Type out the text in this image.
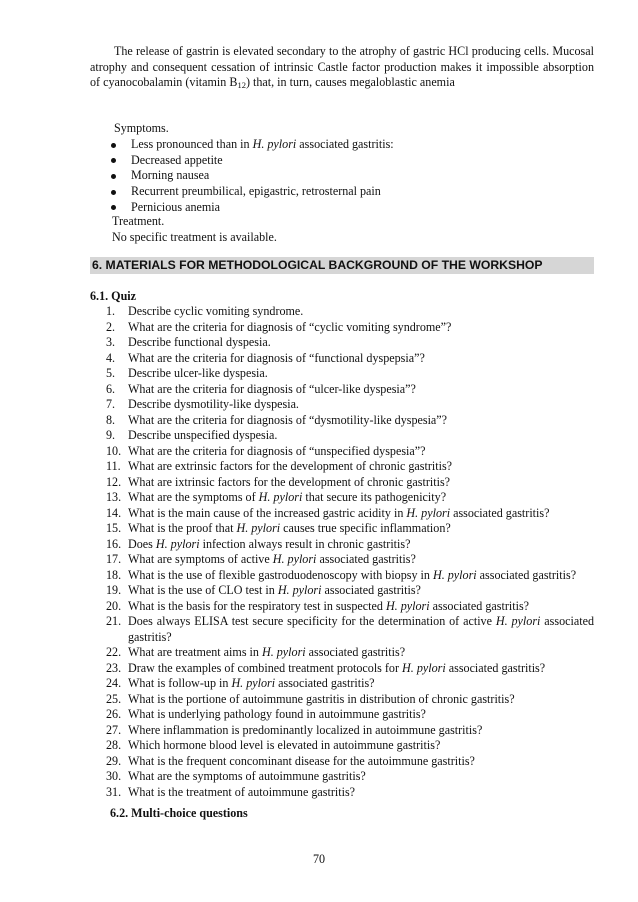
The release of gastrin is elevated secondary to the atrophy of gastric HCl producing cells. Mucosal atrophy and consequent cessation of intrinsic Castle factor production makes it impossible absorption of cyanocobalamin (vitamin $B_{12}$) that, in turn, causes megaloblastic anemia

Symptoms.
Less pronounced than in H. pylori associated gastritis:
Decreased appetite
Morning nausea
Recurrent preumbilical, epigastric, retrosternal pain
Pernicious anemia
Treatment.
No specific treatment is available.
6. MATERIALS FOR METHODOLOGICAL BACKGROUND OF THE WORKSHOP
6.1. Quiz
1. Describe cyclic vomiting syndrome.
2. What are the criteria for diagnosis of “cyclic vomiting syndrome”?
3. Describe functional dyspesia.
4. What are the criteria for diagnosis of “functional dyspepsia”?
5. Describe ulcer-like dyspesia.
6. What are the criteria for diagnosis of “ulcer-like dyspesia”?
7. Describe dysmotility-like dyspesia.
8. What are the criteria for diagnosis of “dysmotility-like dyspesia”?
9. Describe unspecified dyspesia.
10. What are the criteria for diagnosis of “unspecified dyspesia”?
11. What are extrinsic factors for the development of chronic gastritis?
12. What are ixtrinsic factors for the development of chronic gastritis?
13. What are the symptoms of H. pylori that secure its pathogenicity?
14. What is the main cause of the increased gastric acidity in H. pylori associated gastritis?
15. What is the proof that H. pylori causes true specific inflammation?
16. Does H. pylori infection always result in chronic gastritis?
17. What are symptoms of active H. pylori associated gastritis?
18. What is the use of flexible gastroduodenoscopy with biopsy in H. pylori associated gastritis?
19. What is the use of CLO test in H. pylori associated gastritis?
20. What is the basis for the respiratory test in suspected H. pylori associated gastritis?
21. Does always ELISA test secure specificity for the determination of active H. pylori associated gastritis?
22. What are treatment aims in H. pylori associated gastritis?
23. Draw the examples of combined treatment protocols for H. pylori associated gastritis?
24. What is follow-up in H. pylori associated gastritis?
25. What is the portione of autoimmune gastritis in distribution of chronic gastritis?
26. What is underlying pathology found in autoimmune gastritis?
27. Where inflammation is predominantly localized in autoimmune gastritis?
28. Which hormone blood level is elevated in autoimmune gastritis?
29. What is the frequent concominant disease for the autoimmune gastritis?
30. What are the symptoms of autoimmune gastritis?
31. What is the treatment of autoimmune gastritis?
6.2. Multi-choice questions
70
